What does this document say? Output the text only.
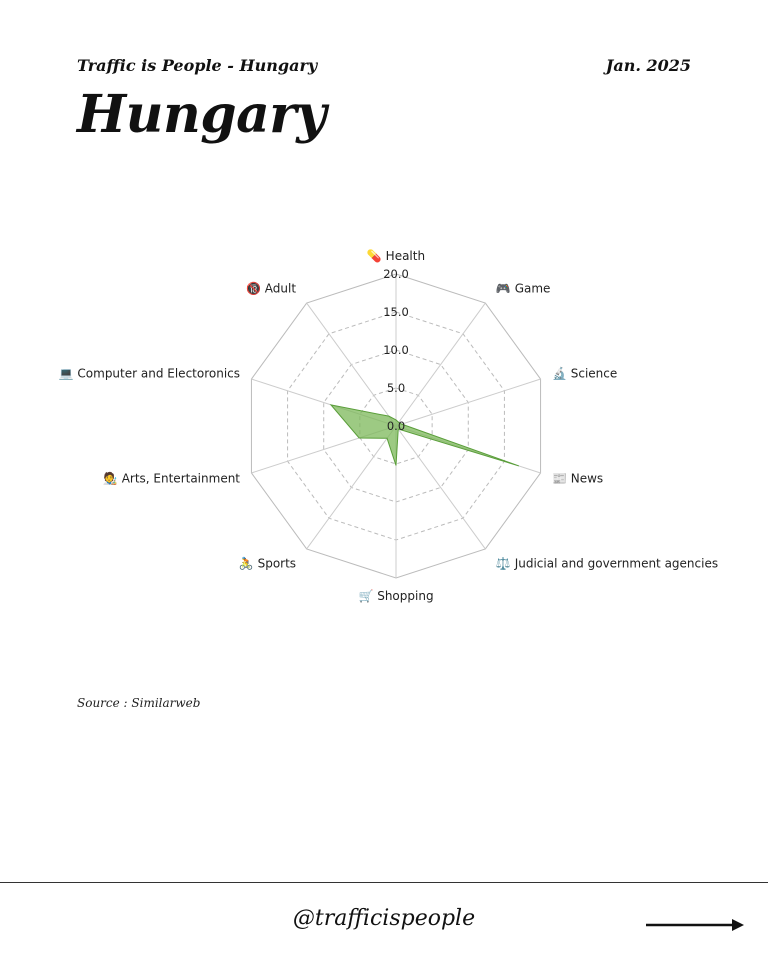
Traffic is People - Hungary	Jan. 2025
Hungary
0.0
5.0
10.0
15.0
20.0
💊 Health
🎮 Game
🔬 Science
📰 News
⚖️ Judicial and government agencies
🛒 Shopping
🚴 Sports
🧑‍🎨 Arts, Entertainment
💻 Computer and Electoronics
🔞 Adult
Source : Similarweb
@trafficispeople
